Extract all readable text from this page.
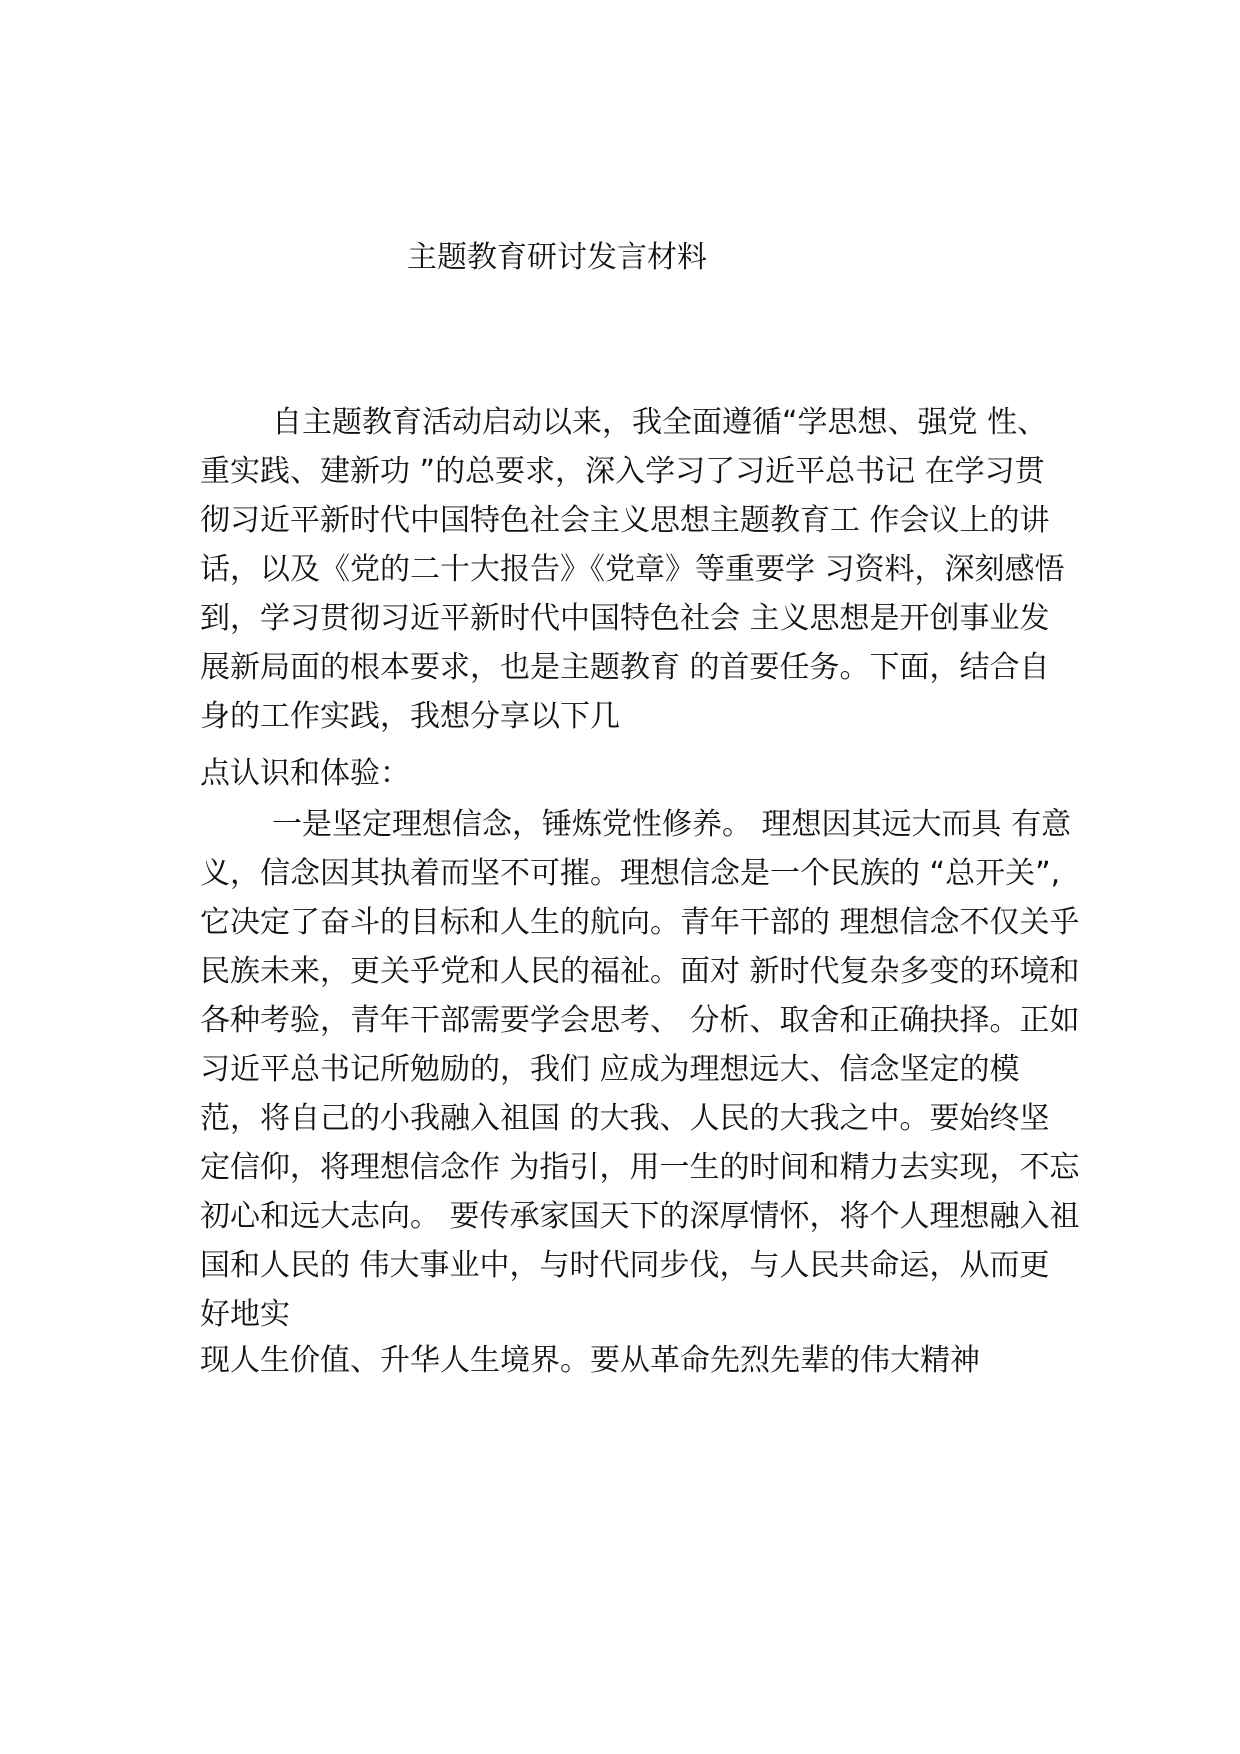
主题教育研讨发言材料
自主题教育活动启动以来，我全面遵循“学思想、强党 性、
重实践、建新功 ”的总要求，深入学习了习近平总书记 在学习贯
彻习近平新时代中国特色社会主义思想主题教育工 作会议上的讲
话，以及《党的二十大报告》《党章》等重要学 习资料，深刻感悟
到，学习贯彻习近平新时代中国特色社会 主义思想是开创事业发
展新局面的根本要求，也是主题教育 的首要任务。下面，结合自
身的工作实践，我想分享以下几
点认识和体验：
一是坚定理想信念，锤炼党性修养。 理想因其远大而具 有意
义，信念因其执着而坚不可摧。理想信念是一个民族的 “总开关”,
它决定了奋斗的目标和人生的航向。青年干部的 理想信念不仅关乎
民族未来，更关乎党和人民的福祉。面对 新时代复杂多变的环境和
各种考验，青年干部需要学会思考、 分析、取舍和正确抉择。正如
习近平总书记所勉励的，我们 应成为理想远大、信念坚定的模
范，将自己的小我融入祖国 的大我、人民的大我之中。要始终坚
定信仰，将理想信念作 为指引，用一生的时间和精力去实现，不忘
初心和远大志向。 要传承家国天下的深厚情怀，将个人理想融入祖
国和人民的 伟大事业中，与时代同步伐，与人民共命运，从而更
好地实
现人生价值、升华人生境界。要从革命先烈先辈的伟大精神
